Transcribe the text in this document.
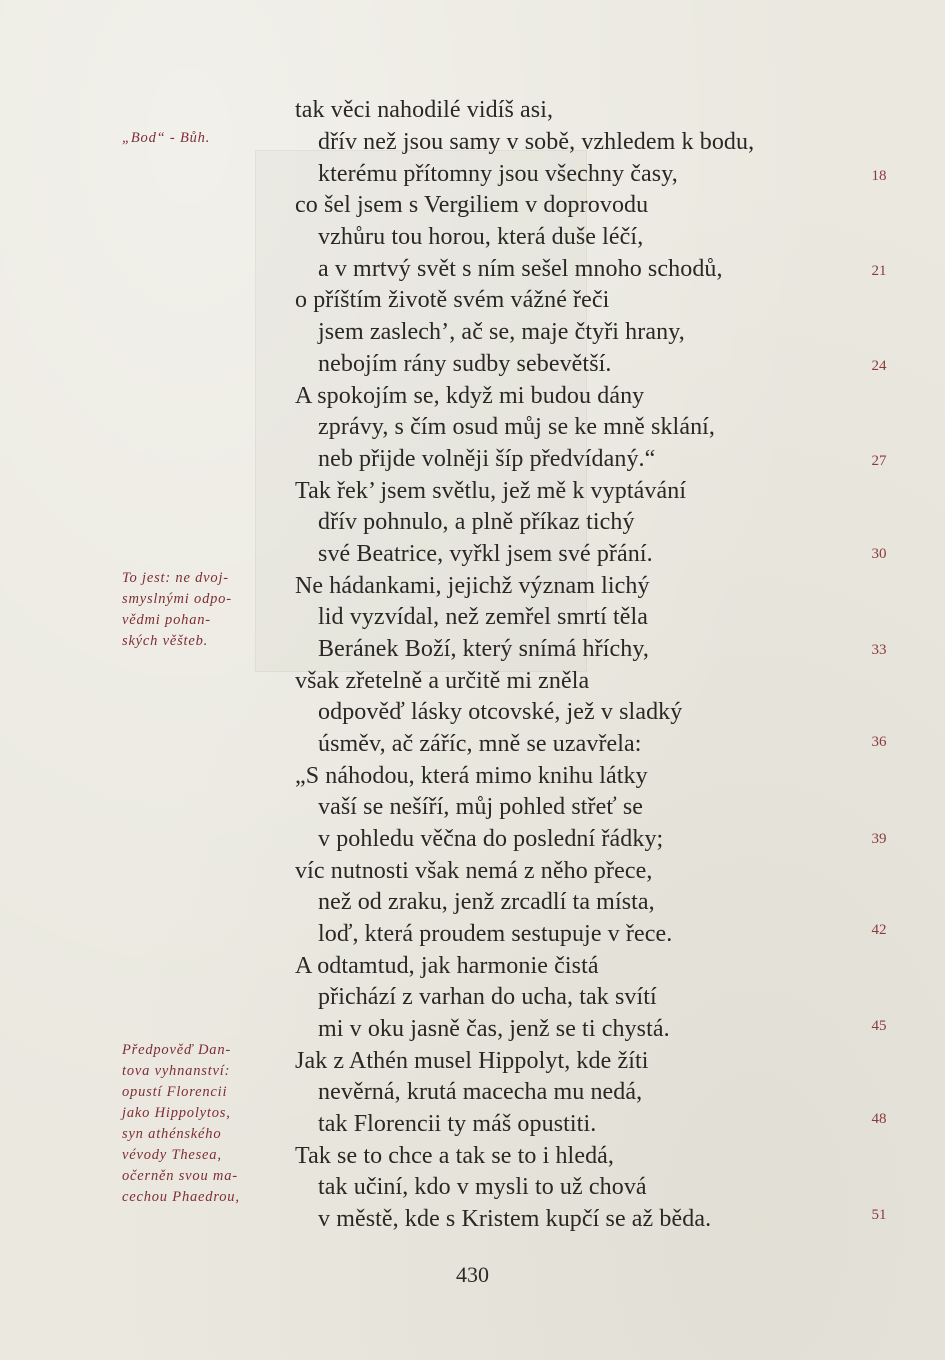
tak věci nahodilé vidíš asi,
dřív než jsou samy v sobě, vzhledem k bodu,
kterému přítomny jsou všechny časy,
co šel jsem s Vergiliem v doprovodu
vzhůru tou horou, která duše léčí,
a v mrtvý svět s ním sešel mnoho schodů,
o příštím životě svém vážné řeči
jsem zaslech’, ač se, maje čtyři hrany,
nebojím rány sudby sebevětší.
A spokojím se, když mi budou dány
zprávy, s čím osud můj se ke mně sklání,
neb přijde volněji šíp předvídaný.“
Tak řek’ jsem světlu, jež mě k vyptávání
dřív pohnulo, a plně příkaz tichý
své Beatrice, vyřkl jsem své přání.
Ne hádankami, jejichž význam lichý
lid vyzvídal, než zemřel smrtí těla
Beránek Boží, který snímá hříchy,
však zřetelně a určitě mi zněla
odpověď lásky otcovské, jež v sladký
úsměv, ač záříc, mně se uzavřela:
„S náhodou, která mimo knihu látky
vaší se nešíří, můj pohled střeť se
v pohledu věčna do poslední řádky;
víc nutnosti však nemá z něho přece,
než od zraku, jenž zrcadlí ta místa,
loď, která proudem sestupuje v řece.
A odtamtud, jak harmonie čistá
přichází z varhan do ucha, tak svítí
mi v oku jasně čas, jenž se ti chystá.
Jak z Athén musel Hippolyt, kde žíti
nevěrná, krutá macecha mu nedá,
tak Florencii ty máš opustiti.
Tak se to chce a tak se to i hledá,
tak učiní, kdo v mysli to už chová
v městě, kde s Kristem kupčí se až běda.
18
21
24
27
30
33
36
39
42
45
48
51
„Bod“ - Bůh.
To jest: ne dvoj-
smyslnými odpo-
vědmi pohan-
ských věšteb.
Předpověď Dan-
tova vyhnanství:
opustí Florencii
jako Hippolytos,
syn athénského
vévody Thesea,
očerněn svou ma-
cechou Phaedrou,
430
